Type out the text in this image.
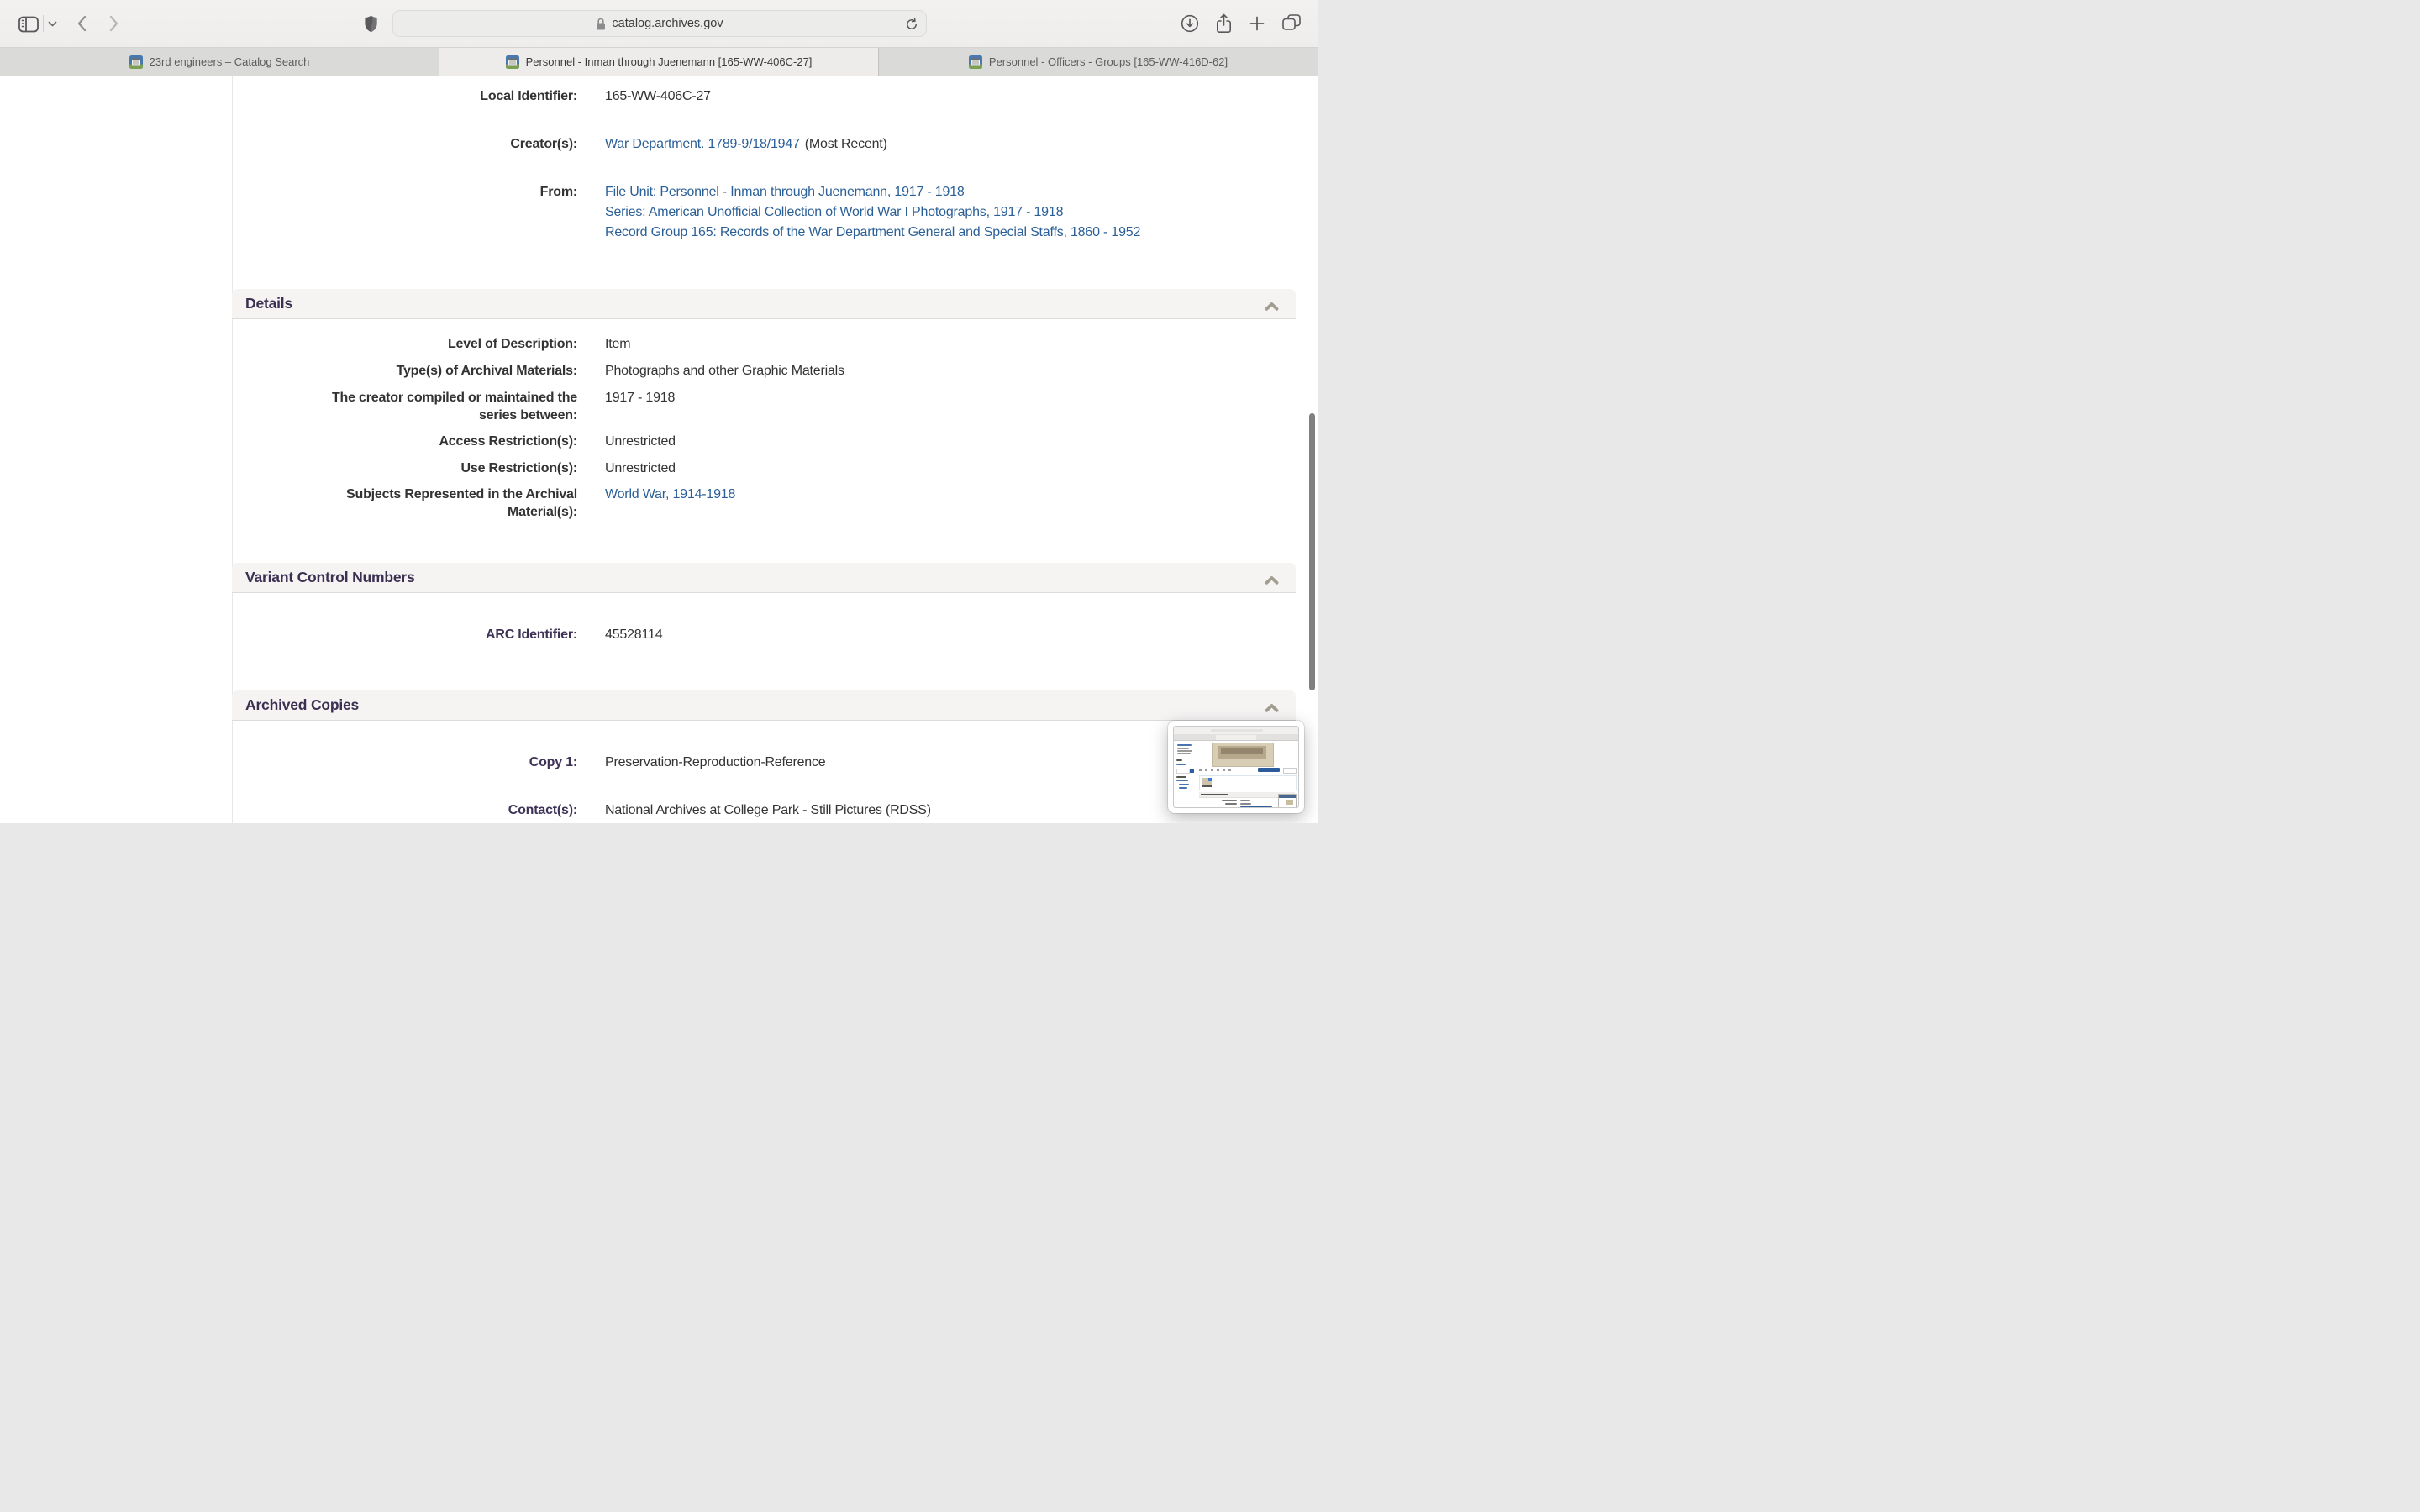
catalog.archives.gov
23rd engineers – Catalog Search	Personnel - Inman through Juenemann [165-WW-406C-27]	Personnel - Officers - Groups [165-WW-416D-62]
Local Identifier: 165-WW-406C-27
Creator(s): War Department. 1789-9/18/1947 (Most Recent)
From: File Unit: Personnel - Inman through Juenemann, 1917 - 1918
Series: American Unofficial Collection of World War I Photographs, 1917 - 1918
Record Group 165: Records of the War Department General and Special Staffs, 1860 - 1952
Details
Level of Description: Item
Type(s) of Archival Materials: Photographs and other Graphic Materials
The creator compiled or maintained the series between:
1917 - 1918
Access Restriction(s): Unrestricted
Use Restriction(s): Unrestricted
Subjects Represented in the Archival Material(s):
World War, 1914-1918
Variant Control Numbers
ARC Identifier: 45528114
Archived Copies
Copy 1: Preservation-Reproduction-Reference
Contact(s): National Archives at College Park - Still Pictures (RDSS)
